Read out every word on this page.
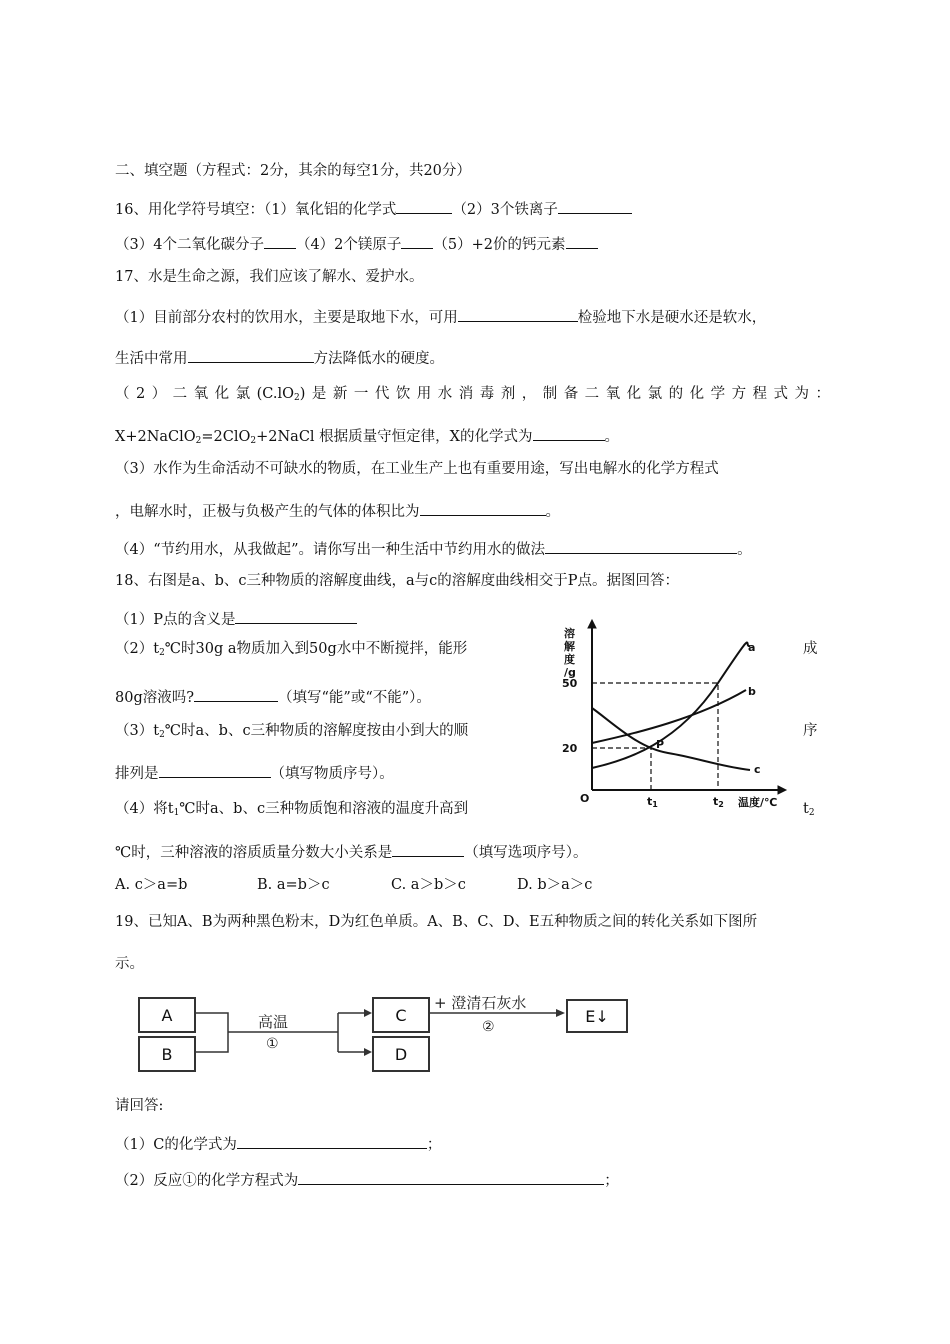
二、填空题（方程式：2分，其余的每空1分，共20分）
16、用化学符号填空：（1）氧化铝的化学式	（2）3个铁离子
（3）4个二氧化碳分子 （4）2个镁原子 （5）+2价的钙元素
17、水是生命之源，我们应该了解水、爱护水。
（1）目前部分农村的饮用水，主要是取地下水，可用	检验地下水是硬水还是软水，
生活中常用	方法降低水的硬度。
（2）二氧化氯$(C.lO_2)$是新一代饮用水消毒剂，制备二氧化氯的化学方程式为：
X+2NaClO$_2$=2ClO$_2$+2NaCl 根据质量守恒定律，X的化学式为	。
（3）水作为生命活动不可缺水的物质，在工业生产上也有重要用途，写出电解水的化学方程式
，电解水时，正极与负极产生的气体的体积比为	。
（4）“节约用水，从我做起”。请你写出一种生活中节约用水的做法	。
18、右图是a、b、c三种物质的溶解度曲线，a与c的溶解度曲线相交于P点。据图回答：
（1）P点的含义是
$(2)t_2℃$时30g a物质加入到50g水中不断搅拌，能形	成
80g溶液吗?	（填写“能”或“不能”）。
$(3)t_2℃$时a、b、c三种物质的溶解度按由小到大的顺	序
排列是	（填写物质序号）。
（4）将$t_1℃$时a、b、c三种物质饱和溶液的温度升高到	$t_2$
℃时，三种溶液的溶质质量分数大小关系是	（填写选项序号）。
A. c＞a=b	B. a=b＞c	C. a＞b＞c	D. b＞a＞c
溶
解
度
/g
50
20
O	t1	t2 温度/℃
a
b
c
P
19、已知A、B为两种黑色粉末，D为红色单质。A、B、C、D、E五种物质之间的转化关系如下图所
示。
A
B
C
D
E↓
高温
①
+ 澄清石灰水
②
请回答:
（1）C的化学式为	；
（2）反应①的化学方程式为	；
